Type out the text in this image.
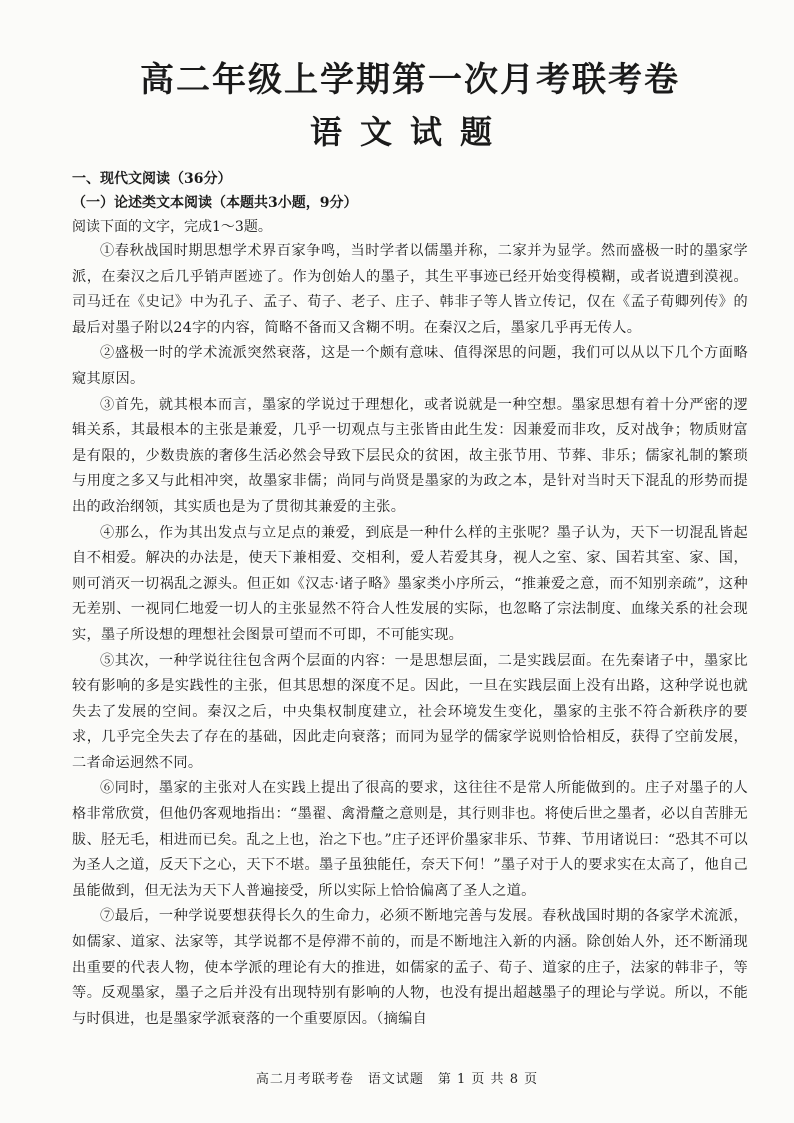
高二年级上学期第一次月考联考卷
语文试题
一、现代文阅读（36分）
（一）论述类文本阅读（本题共3小题，9分）
阅读下面的文字，完成1～3题。

①春秋战国时期思想学术界百家争鸣，当时学者以儒墨并称，二家并为显学。然而盛极一时的墨家学派，在秦汉之后几乎销声匿迹了。作为创始人的墨子，其生平事迹已经开始变得模糊，或者说遭到漠视。司马迁在《史记》中为孔子、孟子、荀子、老子、庄子、韩非子等人皆立传记，仅在《孟子荀卿列传》的最后对墨子附以24字的内容，简略不备而又含糊不明。在秦汉之后，墨家几乎再无传人。

②盛极一时的学术流派突然衰落，这是一个颇有意味、值得深思的问题，我们可以从以下几个方面略窥其原因。

③首先，就其根本而言，墨家的学说过于理想化，或者说就是一种空想。墨家思想有着十分严密的逻辑关系，其最根本的主张是兼爱，几乎一切观点与主张皆由此生发：因兼爱而非攻，反对战争；物质财富是有限的，少数贵族的奢侈生活必然会导致下层民众的贫困，故主张节用、节葬、非乐；儒家礼制的繁琐与用度之多又与此相冲突，故墨家非儒；尚同与尚贤是墨家的为政之本，是针对当时天下混乱的形势而提出的政治纲领，其实质也是为了贯彻其兼爱的主张。

④那么，作为其出发点与立足点的兼爱，到底是一种什么样的主张呢？墨子认为，天下一切混乱皆起自不相爱。解决的办法是，使天下兼相爱、交相利，爱人若爱其身，视人之室、家、国若其室、家、国，则可消灭一切祸乱之源头。但正如《汉志·诸子略》墨家类小序所云，“推兼爱之意，而不知别亲疏”，这种无差别、一视同仁地爱一切人的主张显然不符合人性发展的实际，也忽略了宗法制度、血缘关系的社会现实，墨子所设想的理想社会图景可望而不可即，不可能实现。

⑤其次，一种学说往往包含两个层面的内容：一是思想层面，二是实践层面。在先秦诸子中，墨家比较有影响的多是实践性的主张，但其思想的深度不足。因此，一旦在实践层面上没有出路，这种学说也就失去了发展的空间。秦汉之后，中央集权制度建立，社会环境发生变化，墨家的主张不符合新秩序的要求，几乎完全失去了存在的基础，因此走向衰落；而同为显学的儒家学说则恰恰相反，获得了空前发展，二者命运迥然不同。

⑥同时，墨家的主张对人在实践上提出了很高的要求，这往往不是常人所能做到的。庄子对墨子的人格非常欣赏，但他仍客观地指出：“墨翟、禽滑釐之意则是，其行则非也。将使后世之墨者，必以自苦腓无胈、胫无毛，相进而已矣。乱之上也，治之下也。”庄子还评价墨家非乐、节葬、节用诸说曰：“恐其不可以为圣人之道，反天下之心，天下不堪。墨子虽独能任，奈天下何！”墨子对于人的要求实在太高了，他自己虽能做到，但无法为天下人普遍接受，所以实际上恰恰偏离了圣人之道。

⑦最后，一种学说要想获得长久的生命力，必须不断地完善与发展。春秋战国时期的各家学术流派，如儒家、道家、法家等，其学说都不是停滞不前的，而是不断地注入新的内涵。除创始人外，还不断涌现出重要的代表人物，使本学派的理论有大的推进，如儒家的孟子、荀子、道家的庄子，法家的韩非子，等等。反观墨家，墨子之后并没有出现特别有影响的人物，也没有提出超越墨子的理论与学说。所以，不能与时俱进，也是墨家学派衰落的一个重要原因。（摘编自

高二月考联考卷　语文试题　第 1 页 共 8 页
